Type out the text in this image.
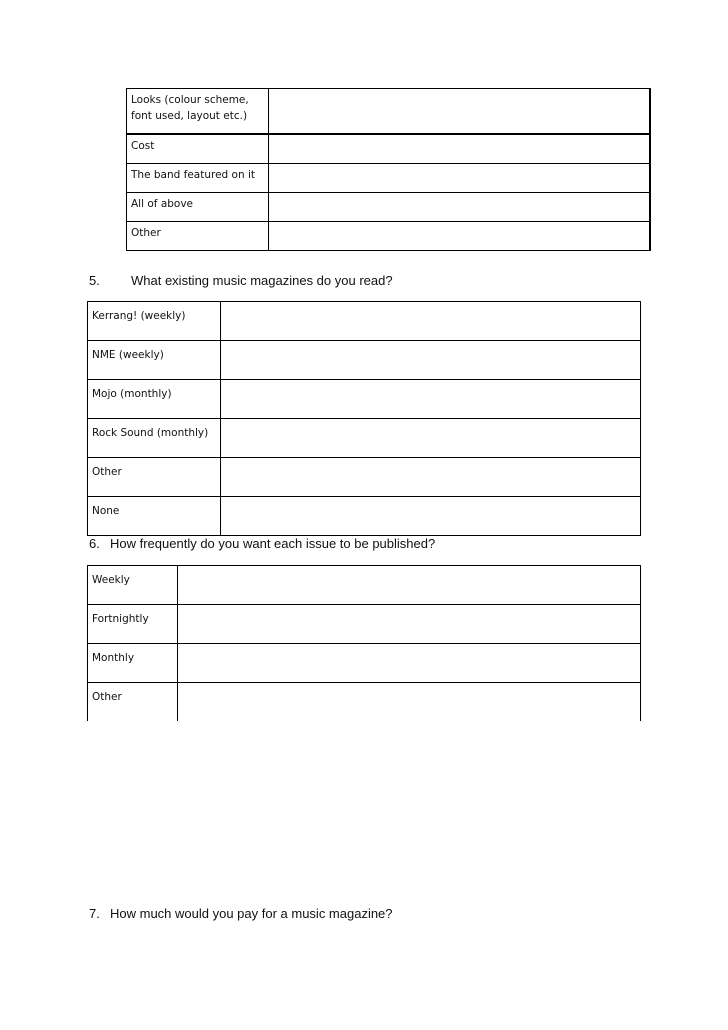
Looks (colour scheme, font used, layout etc.)	
Cost	
The band featured on it	
All of above	
Other	
5. What existing music magazines do you read?
Kerrang! (weekly)	
NME (weekly)	
Mojo (monthly)	
Rock Sound (monthly)	
Other	
None	
6. How frequently do you want each issue to be published?
Weekly	
Fortnightly	
Monthly	
Other	
7. How much would you pay for a music magazine?
